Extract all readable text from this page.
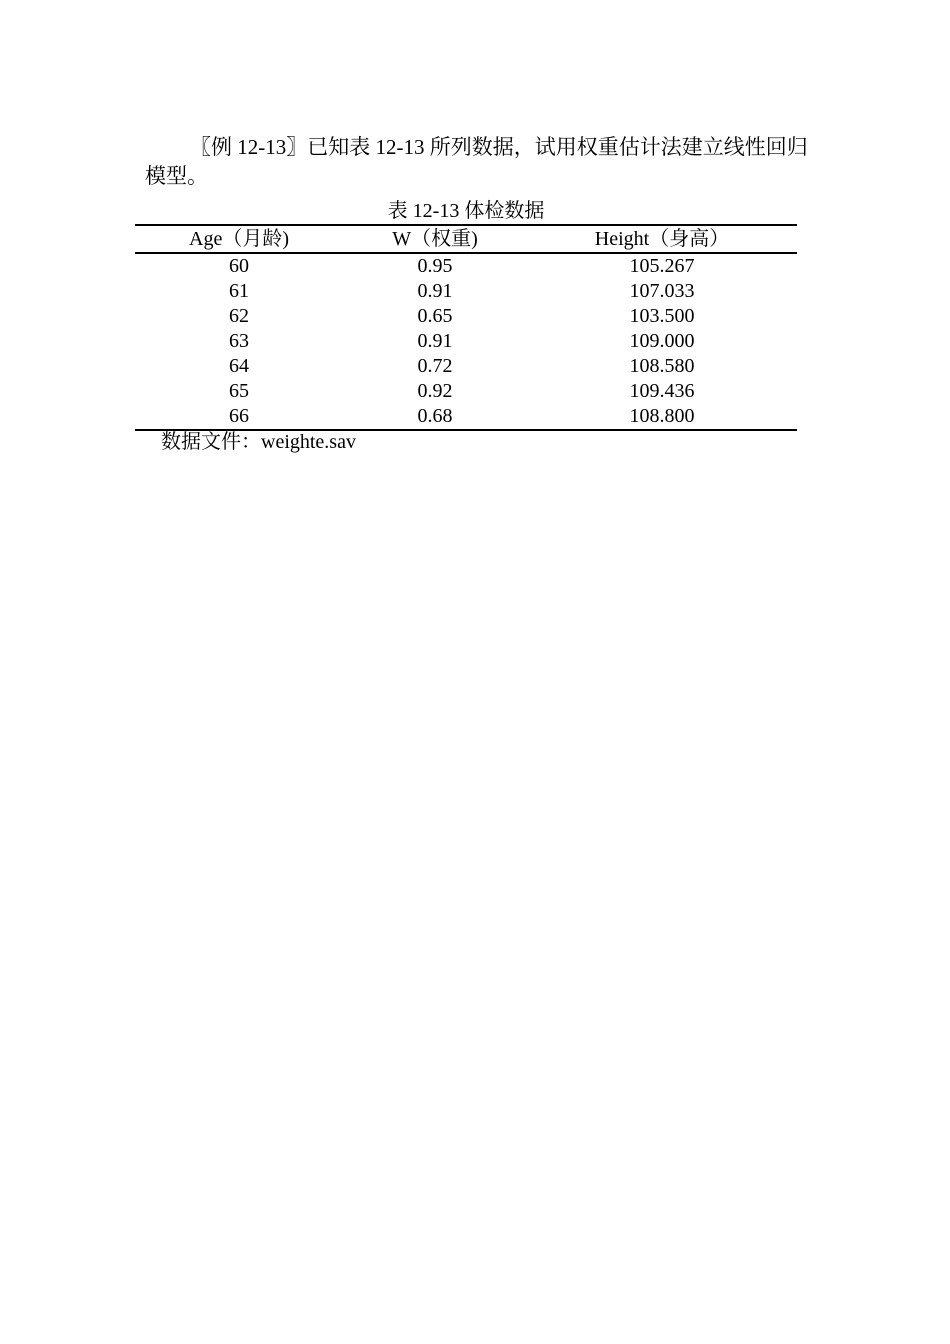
〖例 12-13〗已知表 12-13 所列数据，试用权重估计法建立线性回归模型。

表 12-13 体检数据

Age（月龄)	W（权重)	Height（身高）
60	0.95	105.267
61	0.91	107.033
62	0.65	103.500
63	0.91	109.000
64	0.72	108.580
65	0.92	109.436
66	0.68	108.800

数据文件：weighte.sav
